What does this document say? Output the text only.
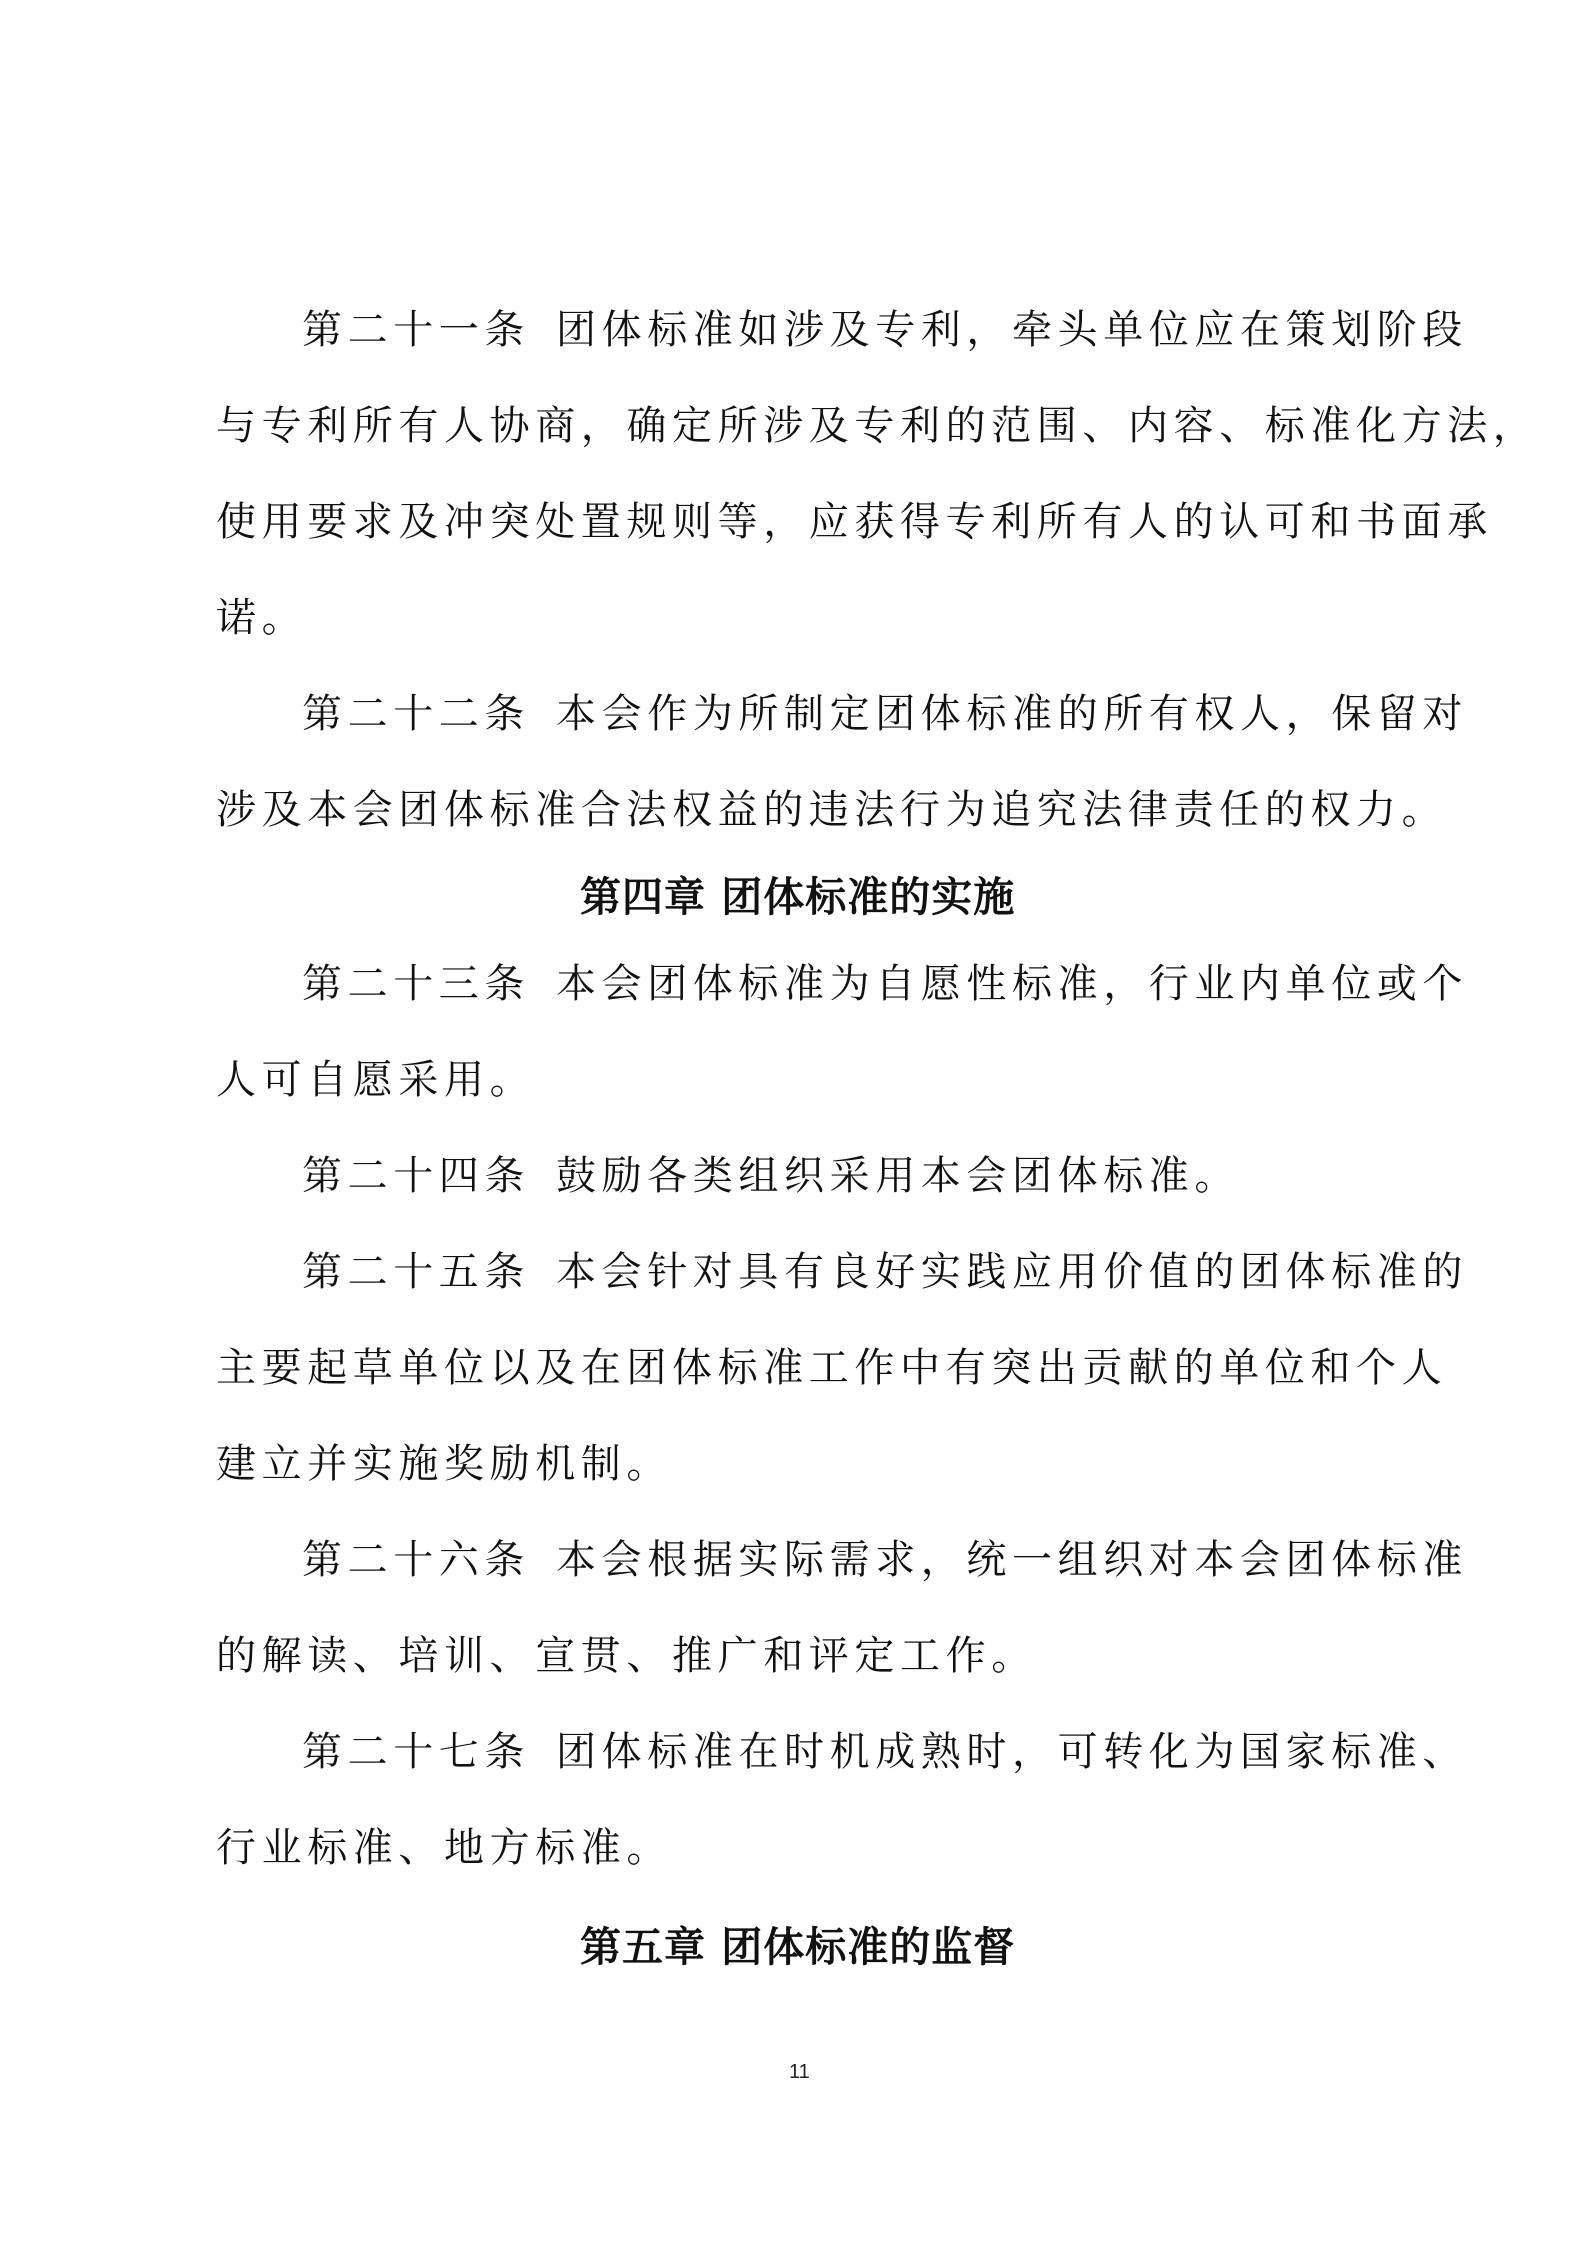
第二十一条 团体标准如涉及专利，牵头单位应在策划阶段
与专利所有人协商，确定所涉及专利的范围、内容、标准化方法，
使用要求及冲突处置规则等，应获得专利所有人的认可和书面承
诺。
第二十二条 本会作为所制定团体标准的所有权人，保留对
涉及本会团体标准合法权益的违法行为追究法律责任的权力。
第四章 团体标准的实施
第二十三条 本会团体标准为自愿性标准，行业内单位或个
人可自愿采用。
第二十四条 鼓励各类组织采用本会团体标准。
第二十五条 本会针对具有良好实践应用价值的团体标准的
主要起草单位以及在团体标准工作中有突出贡献的单位和个人
建立并实施奖励机制。
第二十六条 本会根据实际需求，统一组织对本会团体标准
的解读、培训、宣贯、推广和评定工作。
第二十七条 团体标准在时机成熟时，可转化为国家标准、
行业标准、地方标准。
第五章 团体标准的监督
11
